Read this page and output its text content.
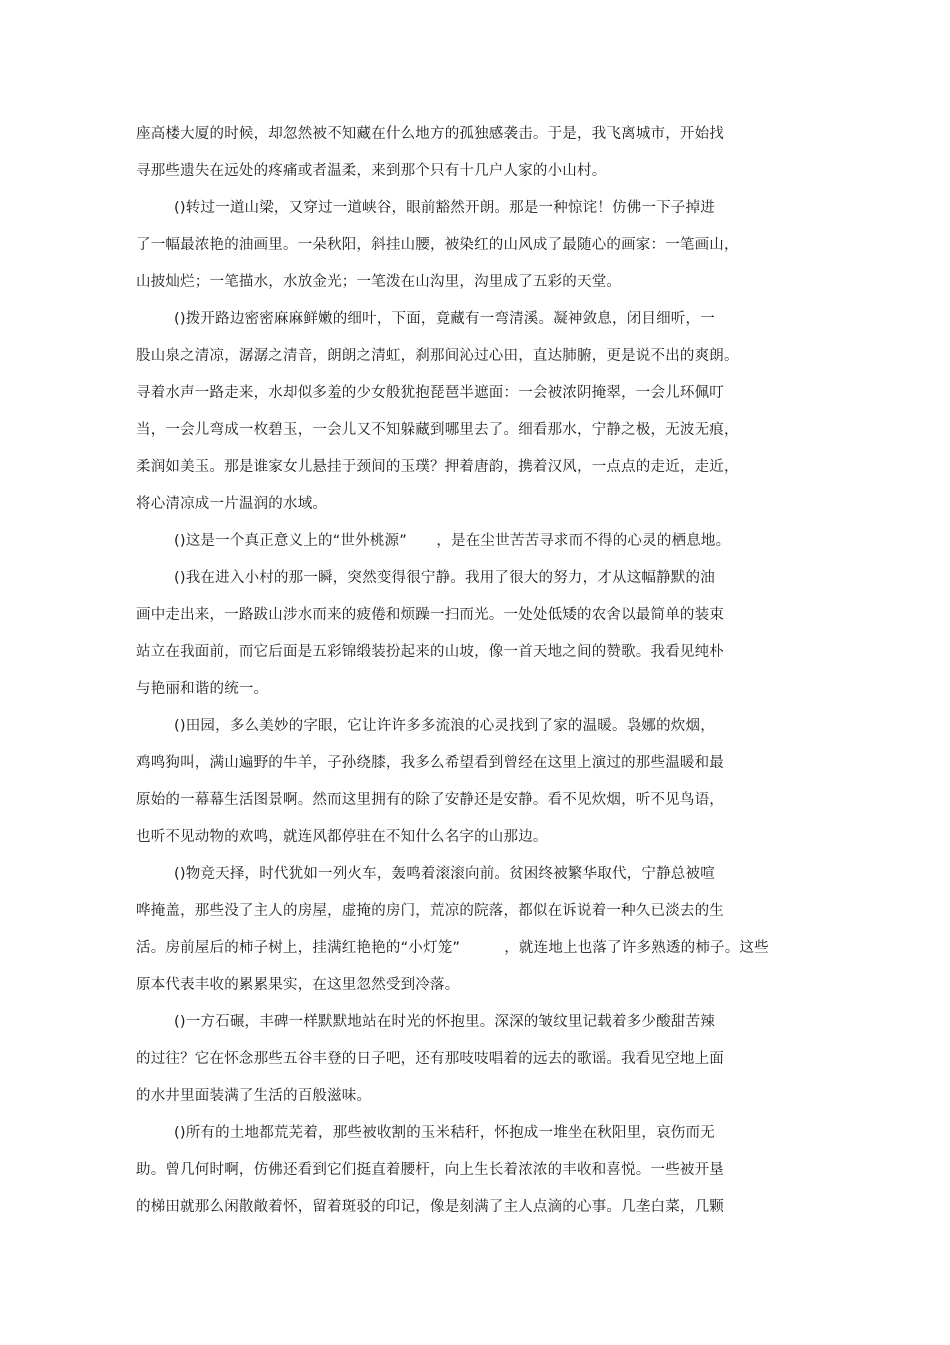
座高楼大厦的时候，却忽然被不知藏在什么地方的孤独感袭击。于是，我飞离城市，开始找
寻那些遗失在远处的疼痛或者温柔，来到那个只有十几户人家的小山村。
()转过一道山梁，又穿过一道峡谷，眼前豁然开朗。那是一种惊诧！仿佛一下子掉进
了一幅最浓艳的油画里。一朵秋阳，斜挂山腰，被染红的山风成了最随心的画家：一笔画山，
山披灿烂；一笔描水，水放金光；一笔泼在山沟里，沟里成了五彩的天堂。
()拨开路边密密麻麻鲜嫩的细叶，下面，竟藏有一弯清溪。凝神敛息，闭目细听，一
股山泉之清凉，潺潺之清音，朗朗之清虹，刹那间沁过心田，直达肺腑，更是说不出的爽朗。
寻着水声一路走来，水却似多羞的少女般犹抱琵琶半遮面：一会被浓阴掩翠，一会儿环佩叮
当，一会儿弯成一枚碧玉，一会儿又不知躲藏到哪里去了。细看那水，宁静之极，无波无痕，
柔润如美玉。那是谁家女儿悬挂于颈间的玉璞？押着唐韵，携着汉风，一点点的走近，走近，
将心清凉成一片温润的水域。
()这是一个真正意义上的“世外桃源”　　，是在尘世苦苦寻求而不得的心灵的栖息地。
()我在进入小村的那一瞬，突然变得很宁静。我用了很大的努力，才从这幅静默的油
画中走出来，一路跋山涉水而来的疲倦和烦躁一扫而光。一处处低矮的农舍以最简单的装束
站立在我面前，而它后面是五彩锦缎装扮起来的山坡，像一首天地之间的赞歌。我看见纯朴
与艳丽和谐的统一。
()田园，多么美妙的字眼，它让许许多多流浪的心灵找到了家的温暖。袅娜的炊烟，
鸡鸣狗叫，满山遍野的牛羊，子孙绕膝，我多么希望看到曾经在这里上演过的那些温暖和最
原始的一幕幕生活图景啊。然而这里拥有的除了安静还是安静。看不见炊烟，听不见鸟语，
也听不见动物的欢鸣，就连风都停驻在不知什么名字的山那边。
()物竞天择，时代犹如一列火车，轰鸣着滚滚向前。贫困终被繁华取代，宁静总被喧
哗掩盖，那些没了主人的房屋，虚掩的房门，荒凉的院落，都似在诉说着一种久已淡去的生
活。房前屋后的柿子树上，挂满红艳艳的“小灯笼”　　　，就连地上也落了许多熟透的柿子。这些
原本代表丰收的累累果实，在这里忽然受到冷落。
()一方石碾，丰碑一样默默地站在时光的怀抱里。深深的皱纹里记载着多少酸甜苦辣
的过往？它在怀念那些五谷丰登的日子吧，还有那吱吱唱着的远去的歌谣。我看见空地上面
的水井里面装满了生活的百般滋味。
()所有的土地都荒芜着，那些被收割的玉米秸秆，怀抱成一堆坐在秋阳里，哀伤而无
助。曾几何时啊，仿佛还看到它们挺直着腰杆，向上生长着浓浓的丰收和喜悦。一些被开垦
的梯田就那么闲散敞着怀，留着斑驳的印记，像是刻满了主人点滴的心事。几垄白菜，几颗
